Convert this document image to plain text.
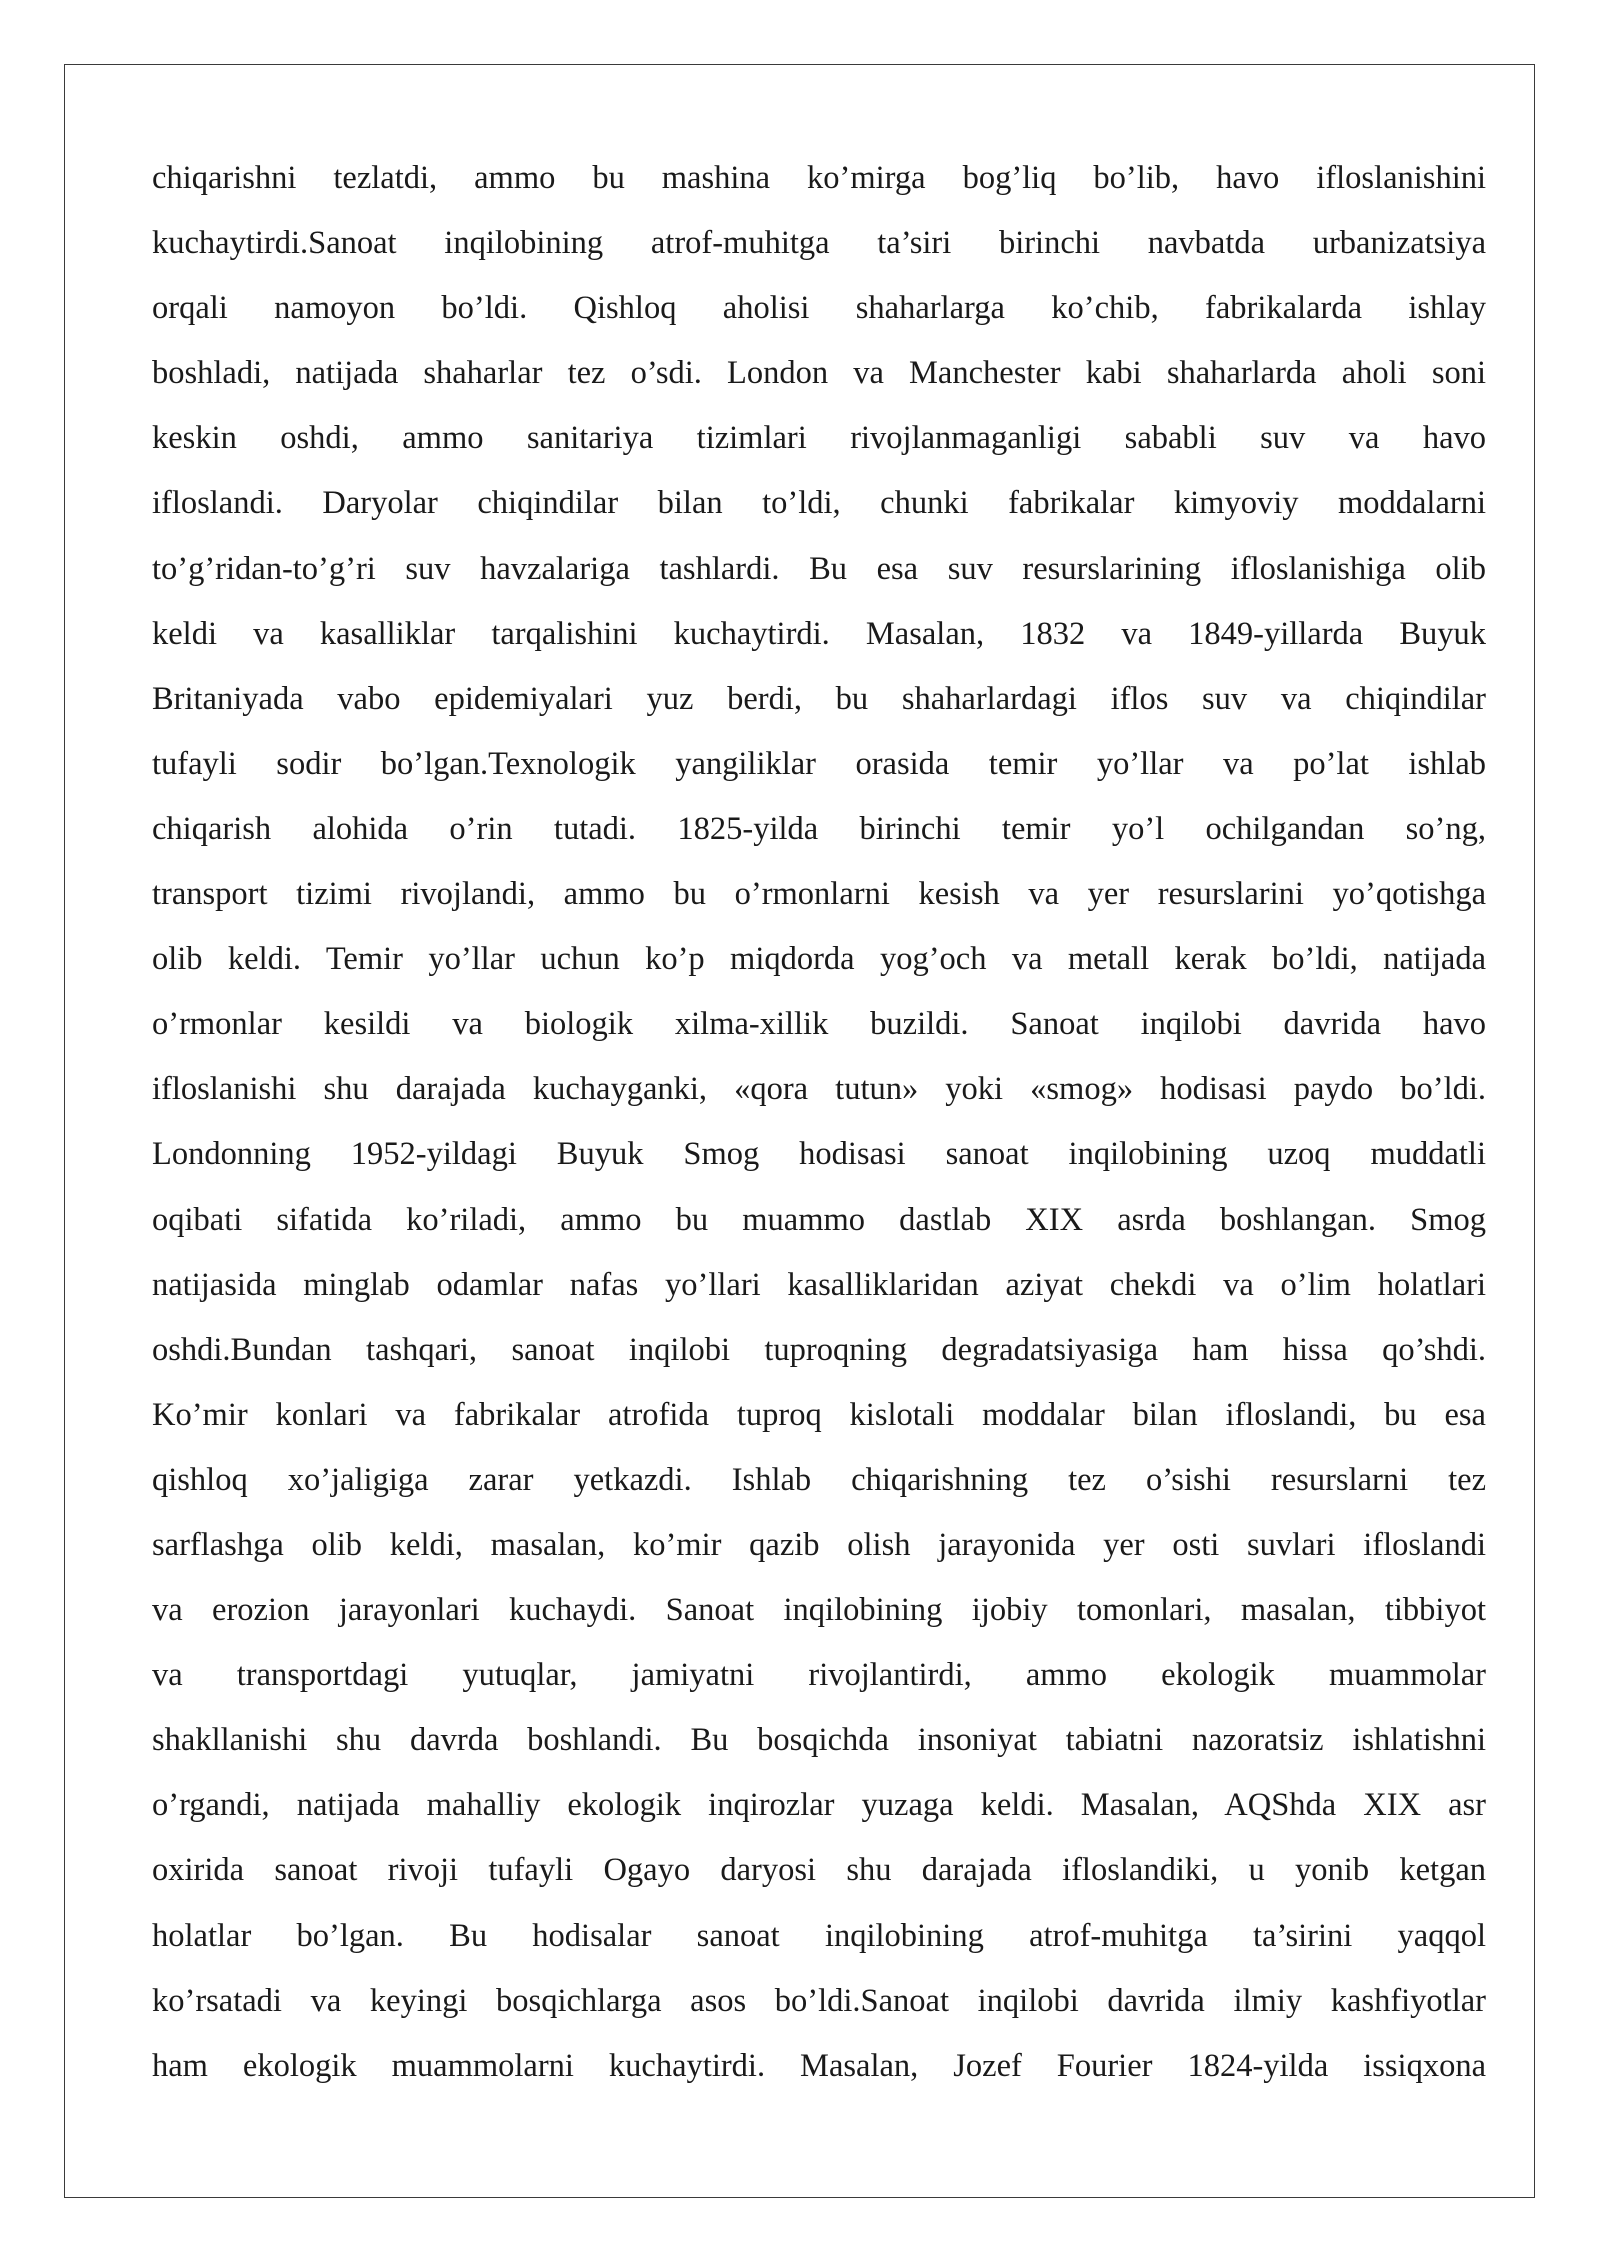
chiqarishni tezlatdi, ammo bu mashina ko’mirga bog’liq bo’lib, havo ifloslanishini
kuchaytirdi.Sanoat inqilobining atrof-muhitga ta’siri birinchi navbatda urbanizatsiya
orqali namoyon bo’ldi. Qishloq aholisi shaharlarga ko’chib, fabrikalarda ishlay
boshladi, natijada shaharlar tez o’sdi. London va Manchester kabi shaharlarda aholi soni
keskin oshdi, ammo sanitariya tizimlari rivojlanmaganligi sababli suv va havo
ifloslandi. Daryolar chiqindilar bilan to’ldi, chunki fabrikalar kimyoviy moddalarni
to’g’ridan-to’g’ri suv havzalariga tashlardi. Bu esa suv resurslarining ifloslanishiga olib
keldi va kasalliklar tarqalishini kuchaytirdi. Masalan, 1832 va 1849-yillarda Buyuk
Britaniyada vabo epidemiyalari yuz berdi, bu shaharlardagi iflos suv va chiqindilar
tufayli sodir bo’lgan.Texnologik yangiliklar orasida temir yo’llar va po’lat ishlab
chiqarish alohida o’rin tutadi. 1825-yilda birinchi temir yo’l ochilgandan so’ng,
transport tizimi rivojlandi, ammo bu o’rmonlarni kesish va yer resurslarini yo’qotishga
olib keldi. Temir yo’llar uchun ko’p miqdorda yog’och va metall kerak bo’ldi, natijada
o’rmonlar kesildi va biologik xilma-xillik buzildi. Sanoat inqilobi davrida havo
ifloslanishi shu darajada kuchayganki, «qora tutun» yoki «smog» hodisasi paydo bo’ldi.
Londonning 1952-yildagi Buyuk Smog hodisasi sanoat inqilobining uzoq muddatli
oqibati sifatida ko’riladi, ammo bu muammo dastlab XIX asrda boshlangan. Smog
natijasida minglab odamlar nafas yo’llari kasalliklaridan aziyat chekdi va o’lim holatlari
oshdi.Bundan tashqari, sanoat inqilobi tuproqning degradatsiyasiga ham hissa qo’shdi.
Ko’mir konlari va fabrikalar atrofida tuproq kislotali moddalar bilan ifloslandi, bu esa
qishloq xo’jaligiga zarar yetkazdi. Ishlab chiqarishning tez o’sishi resurslarni tez
sarflashga olib keldi, masalan, ko’mir qazib olish jarayonida yer osti suvlari ifloslandi
va erozion jarayonlari kuchaydi. Sanoat inqilobining ijobiy tomonlari, masalan, tibbiyot
va transportdagi yutuqlar, jamiyatni rivojlantirdi, ammo ekologik muammolar
shakllanishi shu davrda boshlandi. Bu bosqichda insoniyat tabiatni nazoratsiz ishlatishni
o’rgandi, natijada mahalliy ekologik inqirozlar yuzaga keldi. Masalan, AQShda XIX asr
oxirida sanoat rivoji tufayli Ogayo daryosi shu darajada ifloslandiki, u yonib ketgan
holatlar bo’lgan. Bu hodisalar sanoat inqilobining atrof-muhitga ta’sirini yaqqol
ko’rsatadi va keyingi bosqichlarga asos bo’ldi.Sanoat inqilobi davrida ilmiy kashfiyotlar
ham ekologik muammolarni kuchaytirdi. Masalan, Jozef Fourier 1824-yilda issiqxona
